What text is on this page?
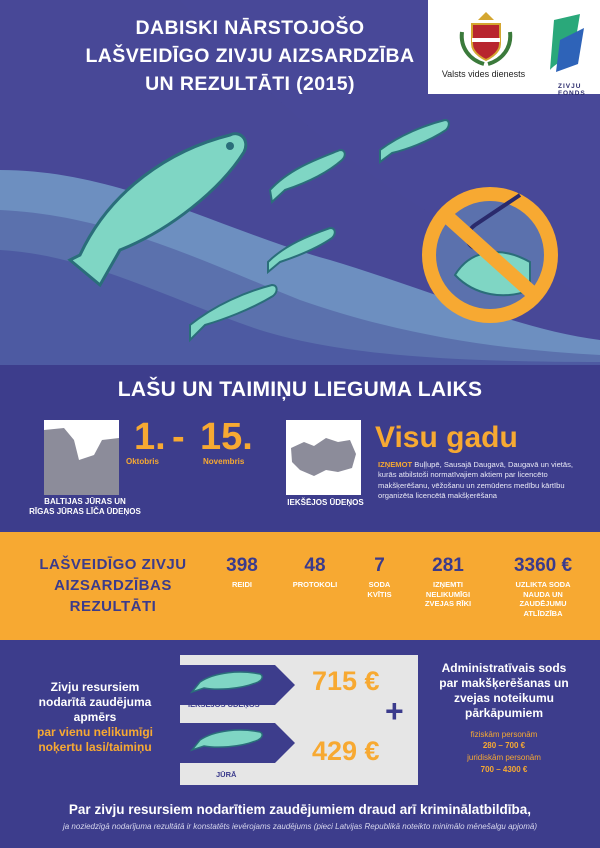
DABISKI NĀRSTOJOŠO
LAŠVEIDĪGO ZIVJU AIZSARDZĪBA
UN REZULTĀTI (2015)	Valsts vides dienests
ZIVJU FONDS
LAŠU UN TAIMIŅU LIEGUMA LAIKS
BALTIJAS JŪRAS UN
RĪGAS JŪRAS LĪČA ŪDEŅOS
1.
Oktobris
- 15.
Novembris
IEKŠĒJOS ŪDEŅOS
Visu gadu
IZŅEMOT Buļļupē, Sausajā Daugavā, Daugavā un vietās, kurās atbilstoši normatīvajiem aktiem par licencēto makšķerēšanu, vēžošanu un zemūdens medību kārtību organizēta licencētā makšķerēšana
LAŠVEIDĪGO ZIVJU
AIZSARDZĪBAS
REZULTĀTI
398
REIDI
48
PROTOKOLI
7
SODA
KVĪTIS
281
IZŅEMTI
NELIKUMĪGI
ZVEJAS RĪKI
3360 €
UZLIKTA SODA
NAUDA UN
ZAUDĒJUMU
ATLĪDZĪBA
Zivju resursiem
nodarītā zaudējuma
apmērs
par vienu nelikumīgi
noķertu lasi/taimiņu
IEKŠĒJOS ŪDEŅOS
715 €
JŪRĀ
429 €
+
Administratīvais sods
par makšķerēšanas un
zvejas noteikumu
pārkāpumiem
fiziskām personām
280 – 700 €
juridiskām personām
700 – 4300 €
Par zivju resursiem nodarītiem zaudējumiem draud arī kriminālatbildība,
ja noziedzīgā nodarījuma rezultātā ir konstatēts ievērojams zaudējums (pieci Latvijas Republikā noteikto minimālo mēnešalgu apjomā)
